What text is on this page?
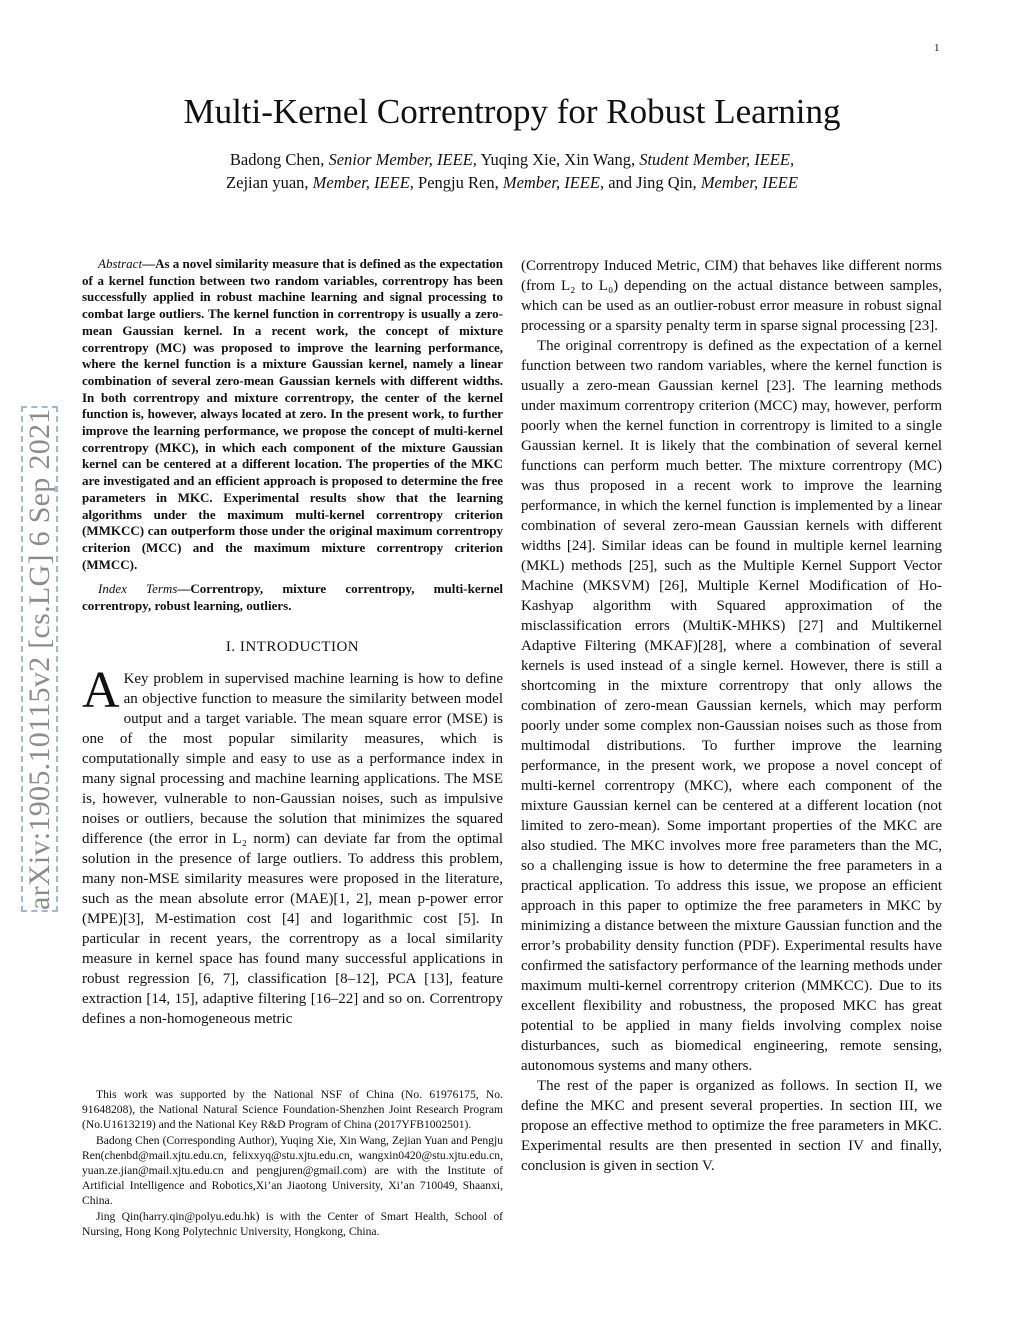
1
arXiv:1905.10115v2 [cs.LG] 6 Sep 2021
Multi-Kernel Correntropy for Robust Learning
Badong Chen, Senior Member, IEEE, Yuqing Xie, Xin Wang, Student Member, IEEE,
Zejian yuan, Member, IEEE, Pengju Ren, Member, IEEE, and Jing Qin, Member, IEEE

Abstract—As a novel similarity measure that is defined as the expectation of a kernel function between two random variables, correntropy has been successfully applied in robust machine learning and signal processing to combat large outliers. The kernel function in correntropy is usually a zero-mean Gaussian kernel. In a recent work, the concept of mixture correntropy (MC) was proposed to improve the learning performance, where the kernel function is a mixture Gaussian kernel, namely a linear combination of several zero-mean Gaussian kernels with different widths. In both correntropy and mixture correntropy, the center of the kernel function is, however, always located at zero. In the present work, to further improve the learning performance, we propose the concept of multi-kernel correntropy (MKC), in which each component of the mixture Gaussian kernel can be centered at a different location. The properties of the MKC are investigated and an efficient approach is proposed to determine the free parameters in MKC. Experimental results show that the learning algorithms under the maximum multi-kernel correntropy criterion (MMKCC) can outperform those under the original maximum correntropy criterion (MCC) and the maximum mixture correntropy criterion (MMCC).

Index Terms—Correntropy, mixture correntropy, multi-kernel correntropy, robust learning, outliers.

I. INTRODUCTION

A Key problem in supervised machine learning is how to define an objective function to measure the similarity between model output and a target variable. The mean square error (MSE) is one of the most popular similarity measures, which is computationally simple and easy to use as a performance index in many signal processing and machine learning applications. The MSE is, however, vulnerable to non-Gaussian noises, such as impulsive noises or outliers, because the solution that minimizes the squared difference (the error in L₂ norm) can deviate far from the optimal solution in the presence of large outliers. To address this problem, many non-MSE similarity measures were proposed in the literature, such as the mean absolute error (MAE)[1, 2], mean p-power error (MPE)[3], M-estimation cost [4] and logarithmic cost [5]. In particular in recent years, the correntropy as a local similarity measure in kernel space has found many successful applications in robust regression [6, 7], classification [8–12], PCA [13], feature extraction [14, 15], adaptive filtering [16–22] and so on. Correntropy defines a non-homogeneous metric

This work was supported by the National NSF of China (No. 61976175, No. 91648208), the National Natural Science Foundation-Shenzhen Joint Research Program (No.U1613219) and the National Key R&D Program of China (2017YFB1002501).

Badong Chen (Corresponding Author), Yuqing Xie, Xin Wang, Zejian Yuan and Pengju Ren(chenbd@mail.xjtu.edu.cn, felixxyq@stu.xjtu.edu.cn, wangxin0420@stu.xjtu.edu.cn, yuan.ze.jian@mail.xjtu.edu.cn and pengjuren@gmail.com) are with the Institute of Artificial Intelligence and Robotics,Xi’an Jiaotong University, Xi’an 710049, Shaanxi, China.

Jing Qin(harry.qin@polyu.edu.hk) is with the Center of Smart Health, School of Nursing, Hong Kong Polytechnic University, Hongkong, China.

(Correntropy Induced Metric, CIM) that behaves like different norms (from L₂ to L₀) depending on the actual distance between samples, which can be used as an outlier-robust error measure in robust signal processing or a sparsity penalty term in sparse signal processing [23].

The original correntropy is defined as the expectation of a kernel function between two random variables, where the kernel function is usually a zero-mean Gaussian kernel [23]. The learning methods under maximum correntropy criterion (MCC) may, however, perform poorly when the kernel function in correntropy is limited to a single Gaussian kernel. It is likely that the combination of several kernel functions can perform much better. The mixture correntropy (MC) was thus proposed in a recent work to improve the learning performance, in which the kernel function is implemented by a linear combination of several zero-mean Gaussian kernels with different widths [24]. Similar ideas can be found in multiple kernel learning (MKL) methods [25], such as the Multiple Kernel Support Vector Machine (MKSVM) [26], Multiple Kernel Modification of Ho-Kashyap algorithm with Squared approximation of the misclassification errors (MultiK-MHKS) [27] and Multikernel Adaptive Filtering (MKAF)[28], where a combination of several kernels is used instead of a single kernel. However, there is still a shortcoming in the mixture correntropy that only allows the combination of zero-mean Gaussian kernels, which may perform poorly under some complex non-Gaussian noises such as those from multimodal distributions. To further improve the learning performance, in the present work, we propose a novel concept of multi-kernel correntropy (MKC), where each component of the mixture Gaussian kernel can be centered at a different location (not limited to zero-mean). Some important properties of the MKC are also studied. The MKC involves more free parameters than the MC, so a challenging issue is how to determine the free parameters in a practical application. To address this issue, we propose an efficient approach in this paper to optimize the free parameters in MKC by minimizing a distance between the mixture Gaussian function and the error’s probability density function (PDF). Experimental results have confirmed the satisfactory performance of the learning methods under maximum multi-kernel correntropy criterion (MMKCC). Due to its excellent flexibility and robustness, the proposed MKC has great potential to be applied in many fields involving complex noise disturbances, such as biomedical engineering, remote sensing, autonomous systems and many others.

The rest of the paper is organized as follows. In section II, we define the MKC and present several properties. In section III, we propose an effective method to optimize the free parameters in MKC. Experimental results are then presented in section IV and finally, conclusion is given in section V.
